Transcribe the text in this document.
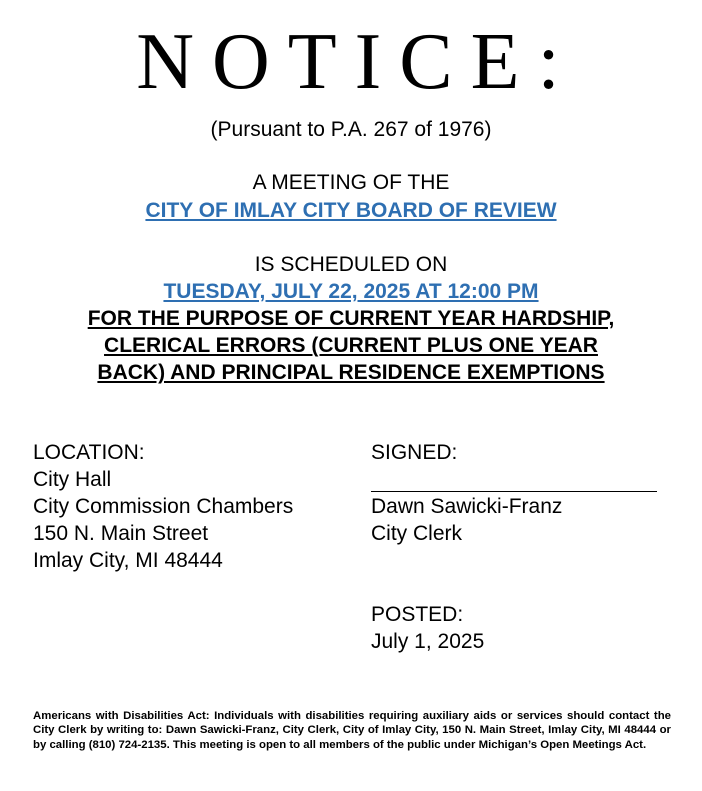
NOTICE:
(Pursuant to P.A. 267 of 1976)
A MEETING OF THE
CITY OF IMLAY CITY BOARD OF REVIEW
IS SCHEDULED ON
TUESDAY, JULY 22, 2025 AT 12:00 PM
FOR THE PURPOSE OF CURRENT YEAR HARDSHIP,
CLERICAL ERRORS (CURRENT PLUS ONE YEAR
BACK) AND PRINCIPAL RESIDENCE EXEMPTIONS
LOCATION:
City Hall
City Commission Chambers
150 N. Main Street
Imlay City, MI 48444
SIGNED:
Dawn Sawicki-Franz
City Clerk
POSTED:
July 1, 2025
Americans with Disabilities Act: Individuals with disabilities requiring auxiliary aids or services should contact the City Clerk by writing to: Dawn Sawicki-Franz, City Clerk, City of Imlay City, 150 N. Main Street, Imlay City, MI 48444 or by calling (810) 724-2135. This meeting is open to all members of the public under Michigan’s Open Meetings Act.
